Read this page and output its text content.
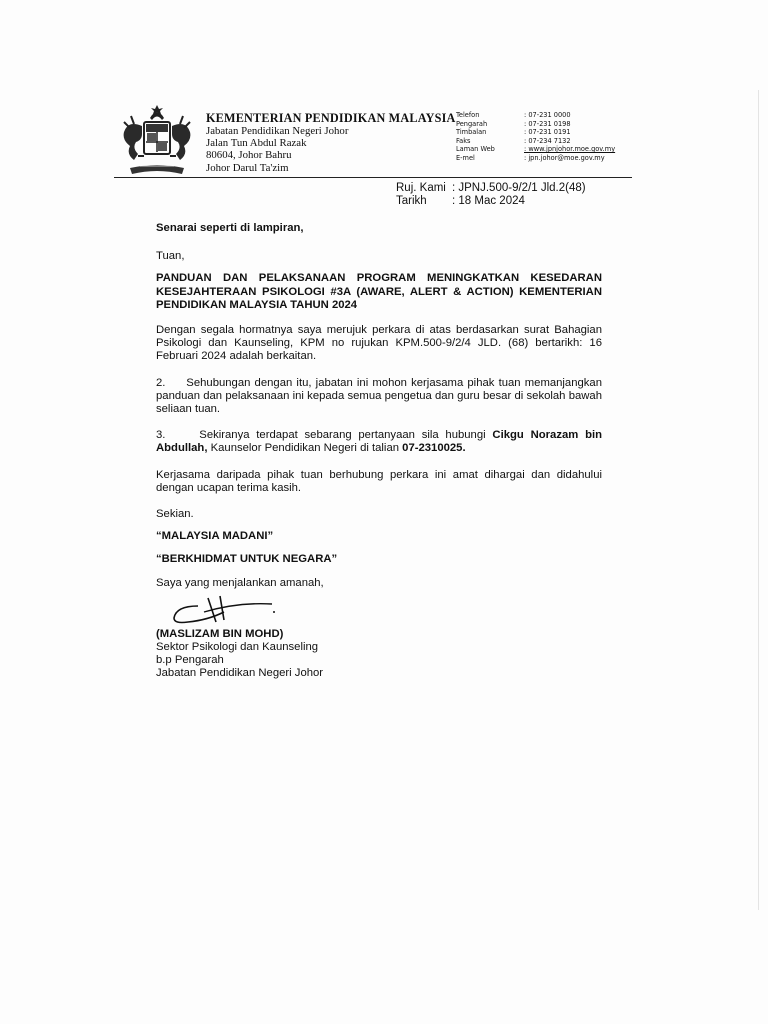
KEMENTERIAN PENDIDIKAN MALAYSIA
Jabatan Pendidikan Negeri Johor
Jalan Tun Abdul Razak
80604, Johor Bahru
Johor Darul Ta'zim
Telefon	: 07-231 0000
Pengarah	: 07-231 0198
Timbalan	: 07-231 0191
Faks	: 07-234 7132
Laman Web	: www.jpnjohor.moe.gov.my
E-mel	: jpn.johor@moe.gov.my
Ruj. Kami : JPNJ.500-9/2/1 Jld.2(48)
Tarikh	: 18 Mac 2024

Senarai seperti di lampiran,

Tuan,

PANDUAN DAN PELAKSANAAN PROGRAM MENINGKATKAN KESEDARAN KESEJAHTERAAN PSIKOLOGI #3A (AWARE, ALERT & ACTION) KEMENTERIAN PENDIDIKAN MALAYSIA TAHUN 2024

Dengan segala hormatnya saya merujuk perkara di atas berdasarkan surat Bahagian Psikologi dan Kaunseling, KPM no rujukan KPM.500-9/2/4 JLD. (68) bertarikh: 16 Februari 2024 adalah berkaitan.

2.     Sehubungan dengan itu, jabatan ini mohon kerjasama pihak tuan memanjangkan panduan dan pelaksanaan ini kepada semua pengetua dan guru besar di sekolah bawah seliaan tuan.

3.     Sekiranya terdapat sebarang pertanyaan sila hubungi Cikgu Norazam bin Abdullah, Kaunselor Pendidikan Negeri di talian 07-2310025.

Kerjasama daripada pihak tuan berhubung perkara ini amat dihargai dan didahului dengan ucapan terima kasih.

Sekian.

“MALAYSIA MADANI”

“BERKHIDMAT UNTUK NEGARA”

Saya yang menjalankan amanah,

(MASLIZAM BIN MOHD)

Sektor Psikologi dan Kaunseling
b.p Pengarah
Jabatan Pendidikan Negeri Johor
